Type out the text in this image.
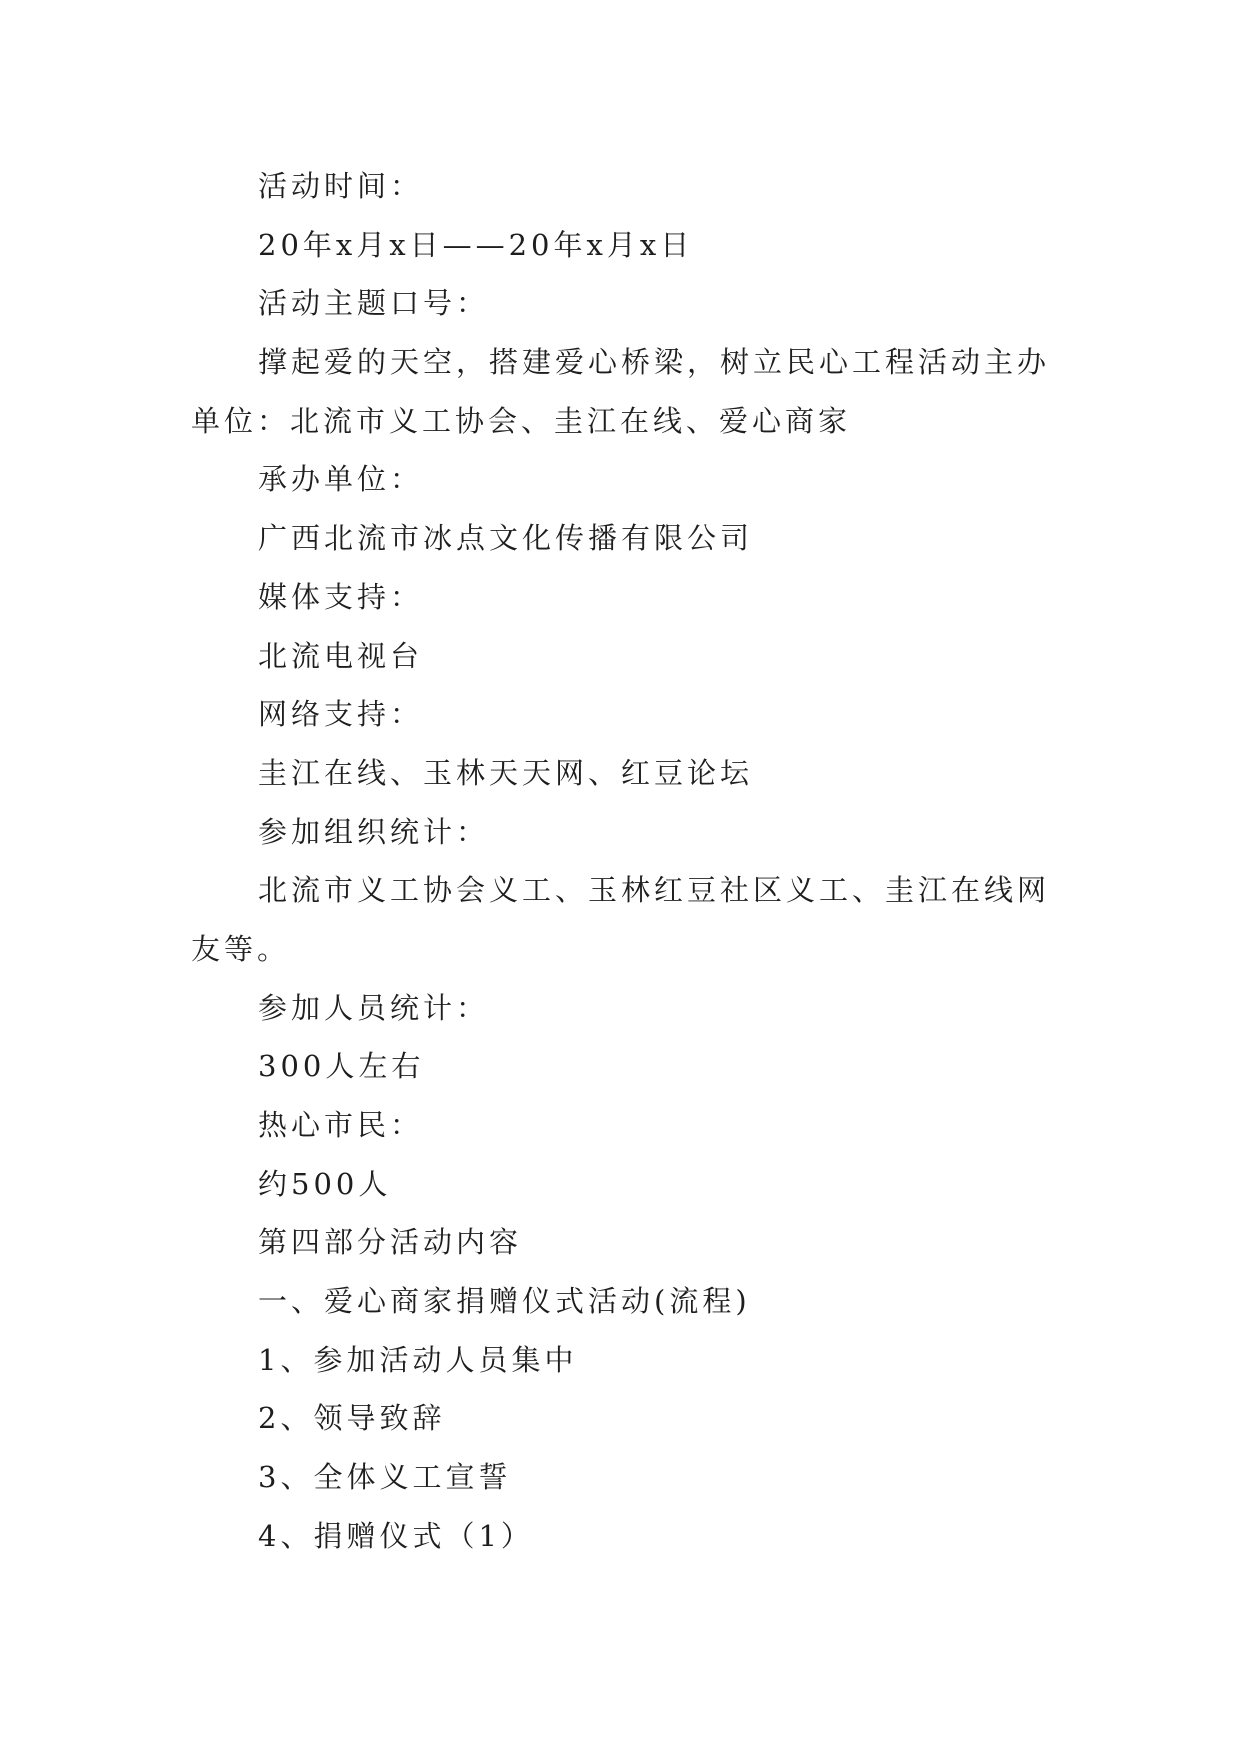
活动时间：
20年x月x日——20年x月x日
活动主题口号：
撑起爱的天空，搭建爱心桥梁，树立民心工程活动主办
单位：北流市义工协会、圭江在线、爱心商家
承办单位：
广西北流市冰点文化传播有限公司
媒体支持：
北流电视台
网络支持：
圭江在线、玉林天天网、红豆论坛
参加组织统计：
北流市义工协会义工、玉林红豆社区义工、圭江在线网
友等。
参加人员统计：
300人左右
热心市民：
约500人
第四部分活动内容
一、爱心商家捐赠仪式活动(流程)
1、参加活动人员集中
2、领导致辞
3、全体义工宣誓
4、捐赠仪式（1）
